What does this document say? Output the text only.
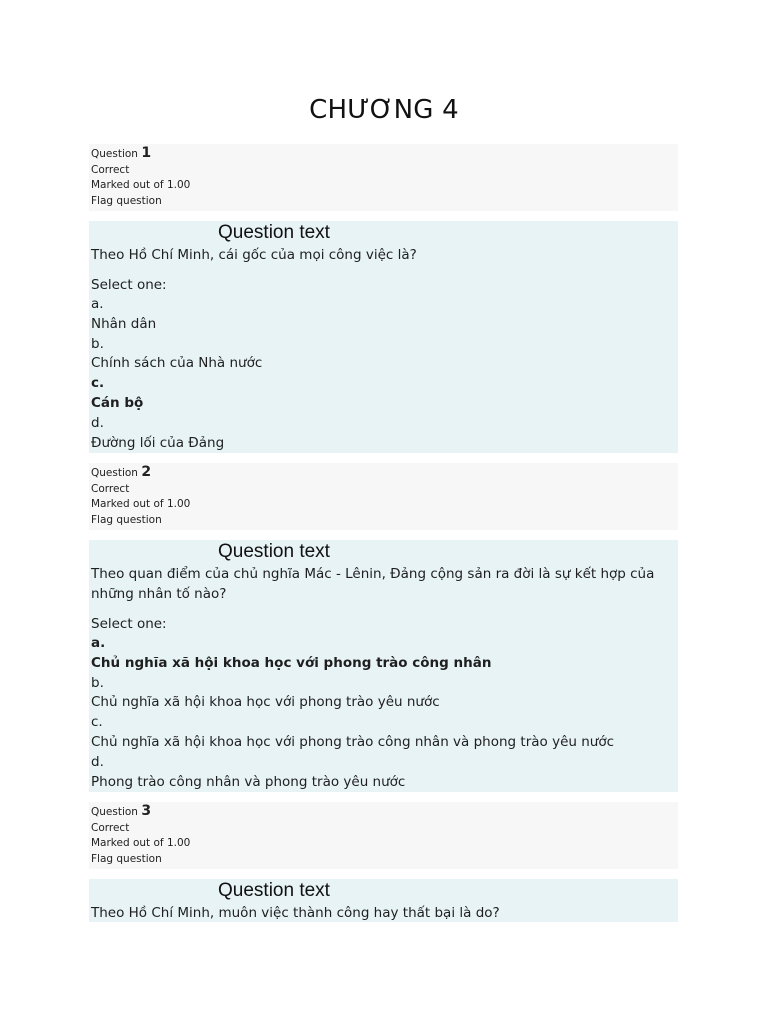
CHƯƠNG 4
Question 1
Correct
Marked out of 1.00
Flag question
Question text
Theo Hồ Chí Minh, cái gốc của mọi công việc là?
Select one:
a.
Nhân dân
b.
Chính sách của Nhà nước
c.
Cán bộ
d.
Đường lối của Đảng
Question 2
Correct
Marked out of 1.00
Flag question
Question text
Theo quan điểm của chủ nghĩa Mác - Lênin, Đảng cộng sản ra đời là sự kết hợp của những nhân tố nào?
Select one:
a.
Chủ nghĩa xã hội khoa học với phong trào công nhân
b.
Chủ nghĩa xã hội khoa học với phong trào yêu nước
c.
Chủ nghĩa xã hội khoa học với phong trào công nhân và phong trào yêu nước
d.
Phong trào công nhân và phong trào yêu nước
Question 3
Correct
Marked out of 1.00
Flag question
Question text
Theo Hồ Chí Minh, muôn việc thành công hay thất bại là do?
